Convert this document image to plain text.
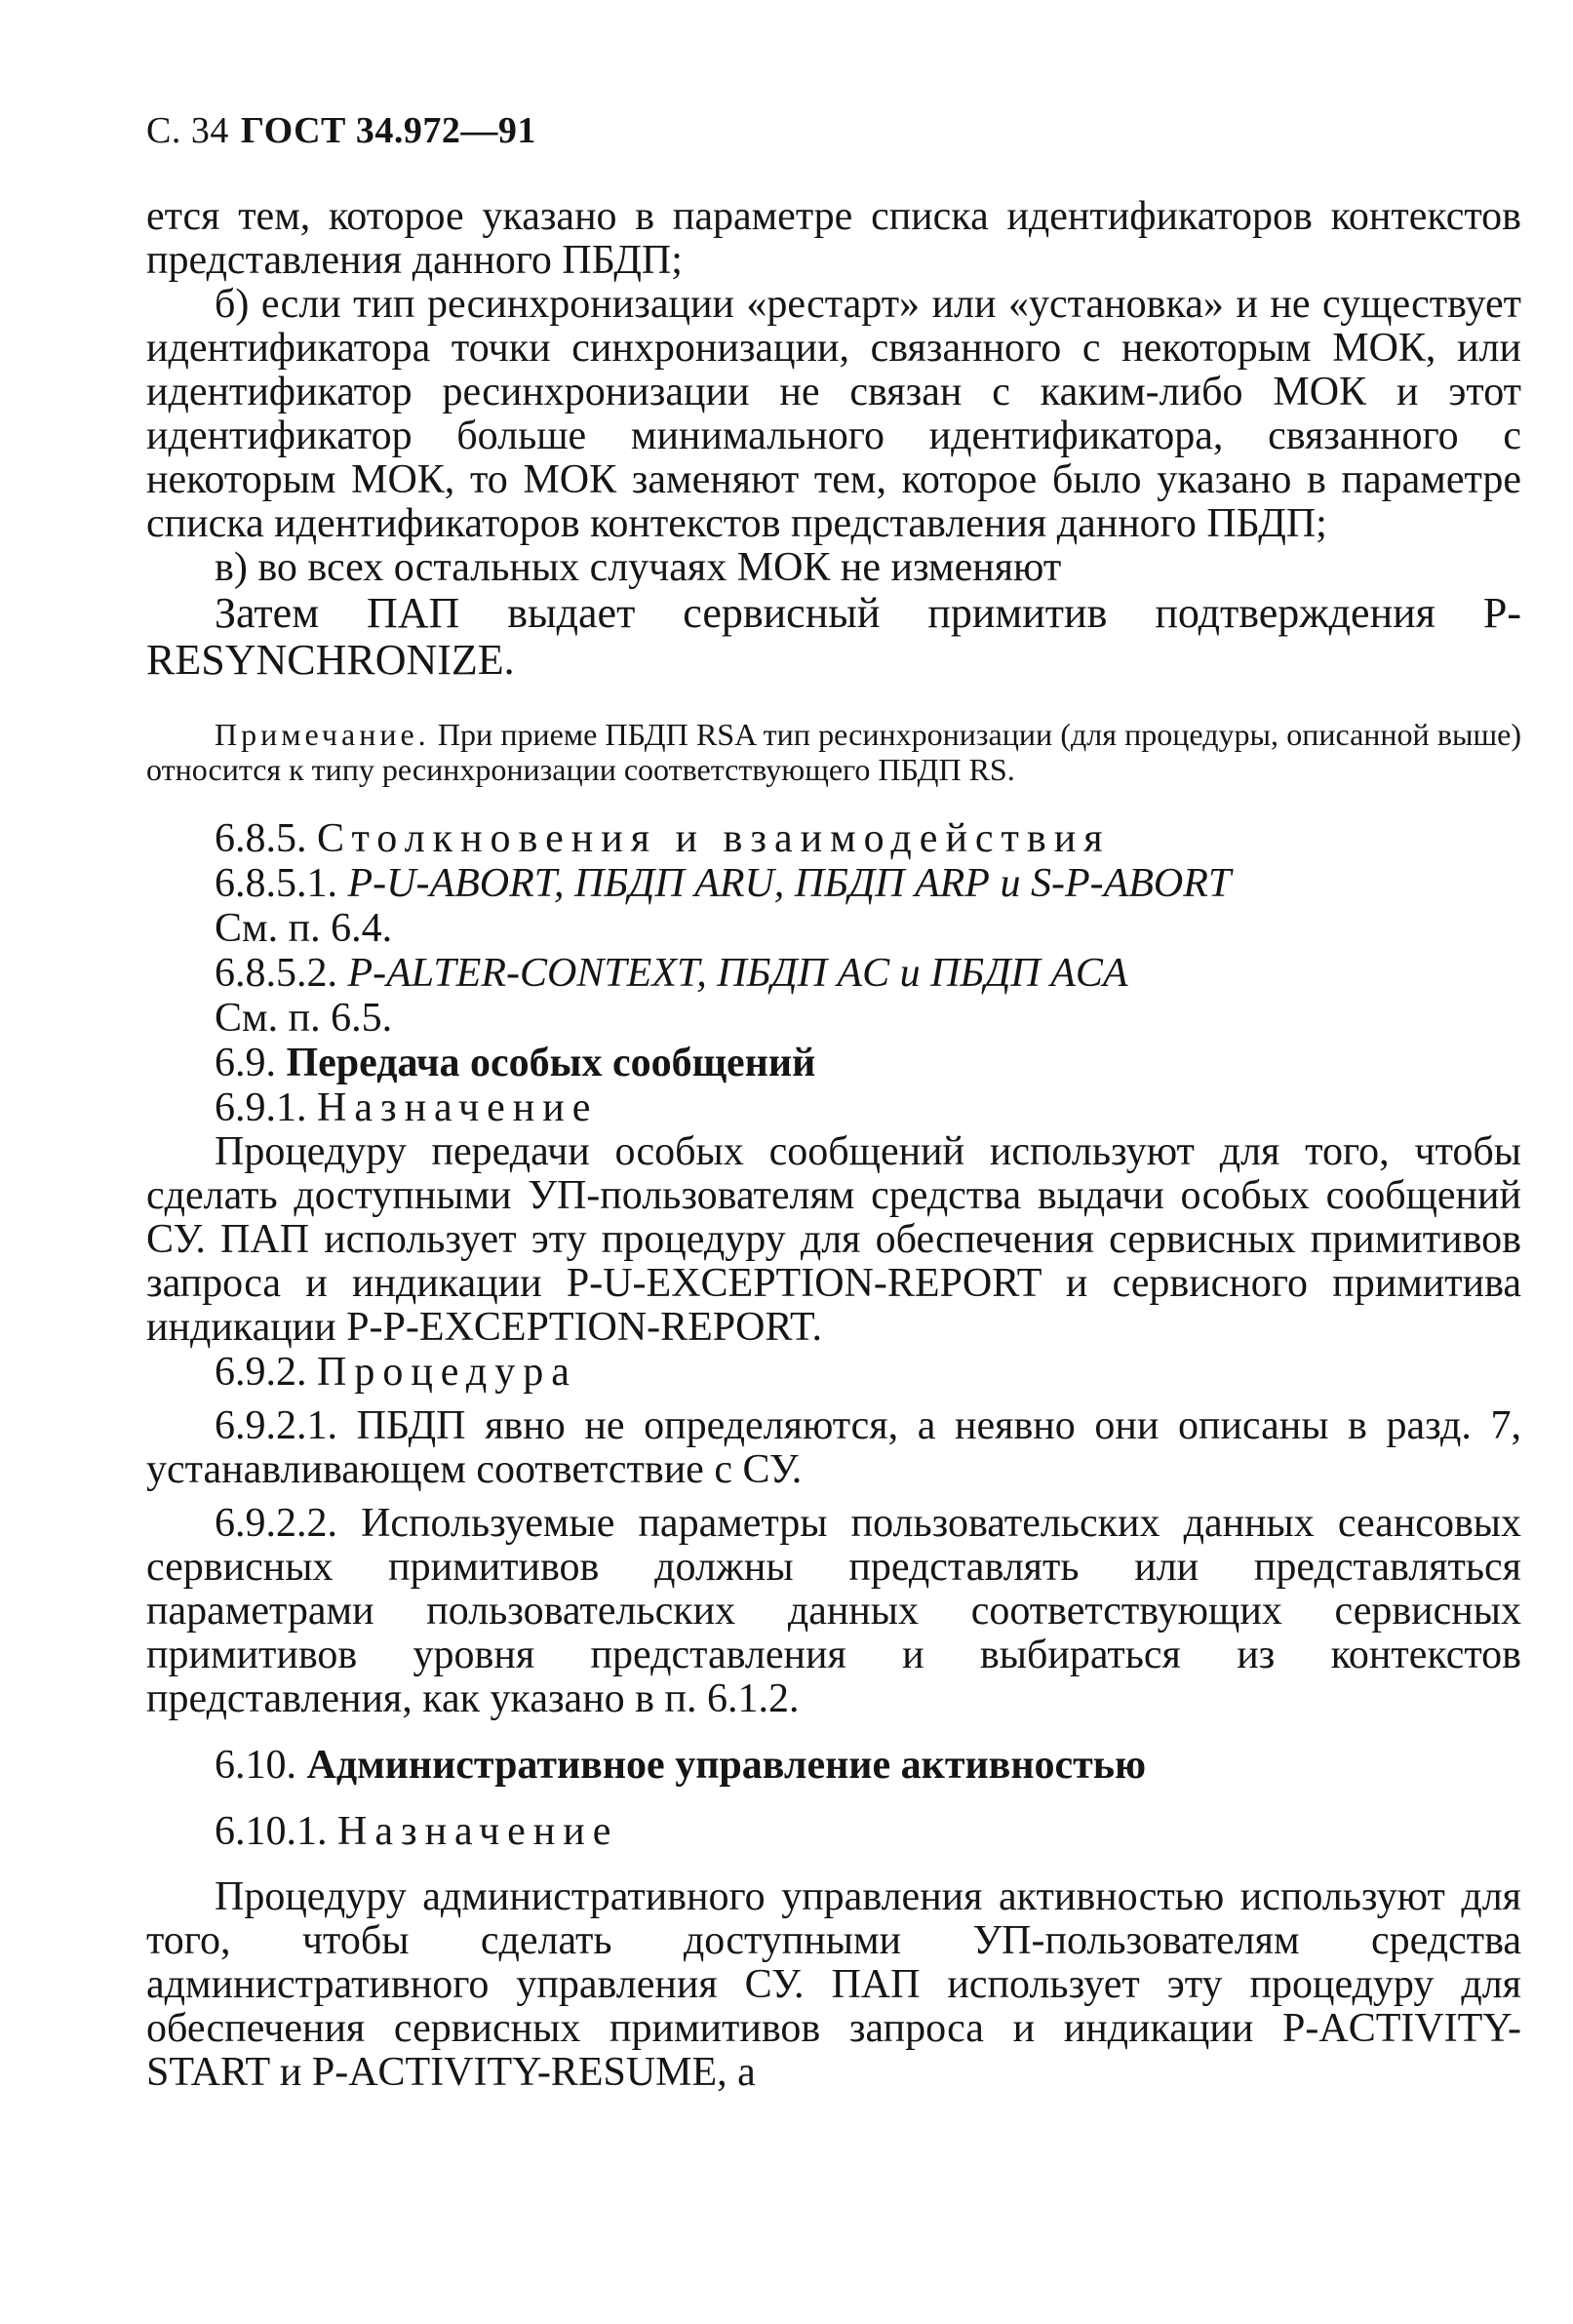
С. 34 ГОСТ 34.972—91

ется тем, которое указано в параметре списка идентификаторов контекстов представления данного ПБДП;

б) если тип ресинхронизации «рестарт» или «установка» и не существует идентификатора точки синхронизации, связанного с некоторым МОК, или идентификатор ресинхронизации не связан с каким-либо МОК и этот идентификатор больше минимального идентификатора, связанного с некоторым МОК, то МОК заменяют тем, которое было указано в параметре списка идентификаторов контекстов представления данного ПБДП;

в) во всех остальных случаях МОК не изменяют

Затем ПАП выдает сервисный примитив подтверждения P-RESYNCHRONIZE.

Примечание. При приеме ПБДП RSA тип ресинхронизации (для процедуры, описанной выше) относится к типу ресинхронизации соответствующего ПБДП RS.

6.8.5. Столкновения и взаимодействия

6.8.5.1. P-U-ABORT, ПБДП ARU, ПБДП ARP и S-P-ABORT

См. п. 6.4.

6.8.5.2. P-ALTER-CONTEXT, ПБДП AC и ПБДП ACA

См. п. 6.5.

6.9. Передача особых сообщений

6.9.1. Назначение

Процедуру передачи особых сообщений используют для того, чтобы сделать доступными УП-пользователям средства выдачи особых сообщений СУ. ПАП использует эту процедуру для обеспечения сервисных примитивов запроса и индикации P-U-EXCEPTION-REPORT и сервисного примитива индикации P-P-EXCEPTION-REPORT.

6.9.2. Процедура

6.9.2.1. ПБДП явно не определяются, а неявно они описаны в разд. 7, устанавливающем соответствие с СУ.

6.9.2.2. Используемые параметры пользовательских данных сеансовых сервисных примитивов должны представлять или представляться параметрами пользовательских данных соответствующих сервисных примитивов уровня представления и выбираться из контекстов представления, как указано в п. 6.1.2.

6.10. Административное управление активностью

6.10.1. Назначение

Процедуру административного управления активностью используют для того, чтобы сделать доступными УП-пользователям средства административного управления СУ. ПАП использует эту процедуру для обеспечения сервисных примитивов запроса и индикации P-ACTIVITY-START и P-ACTIVITY-RESUME, а
